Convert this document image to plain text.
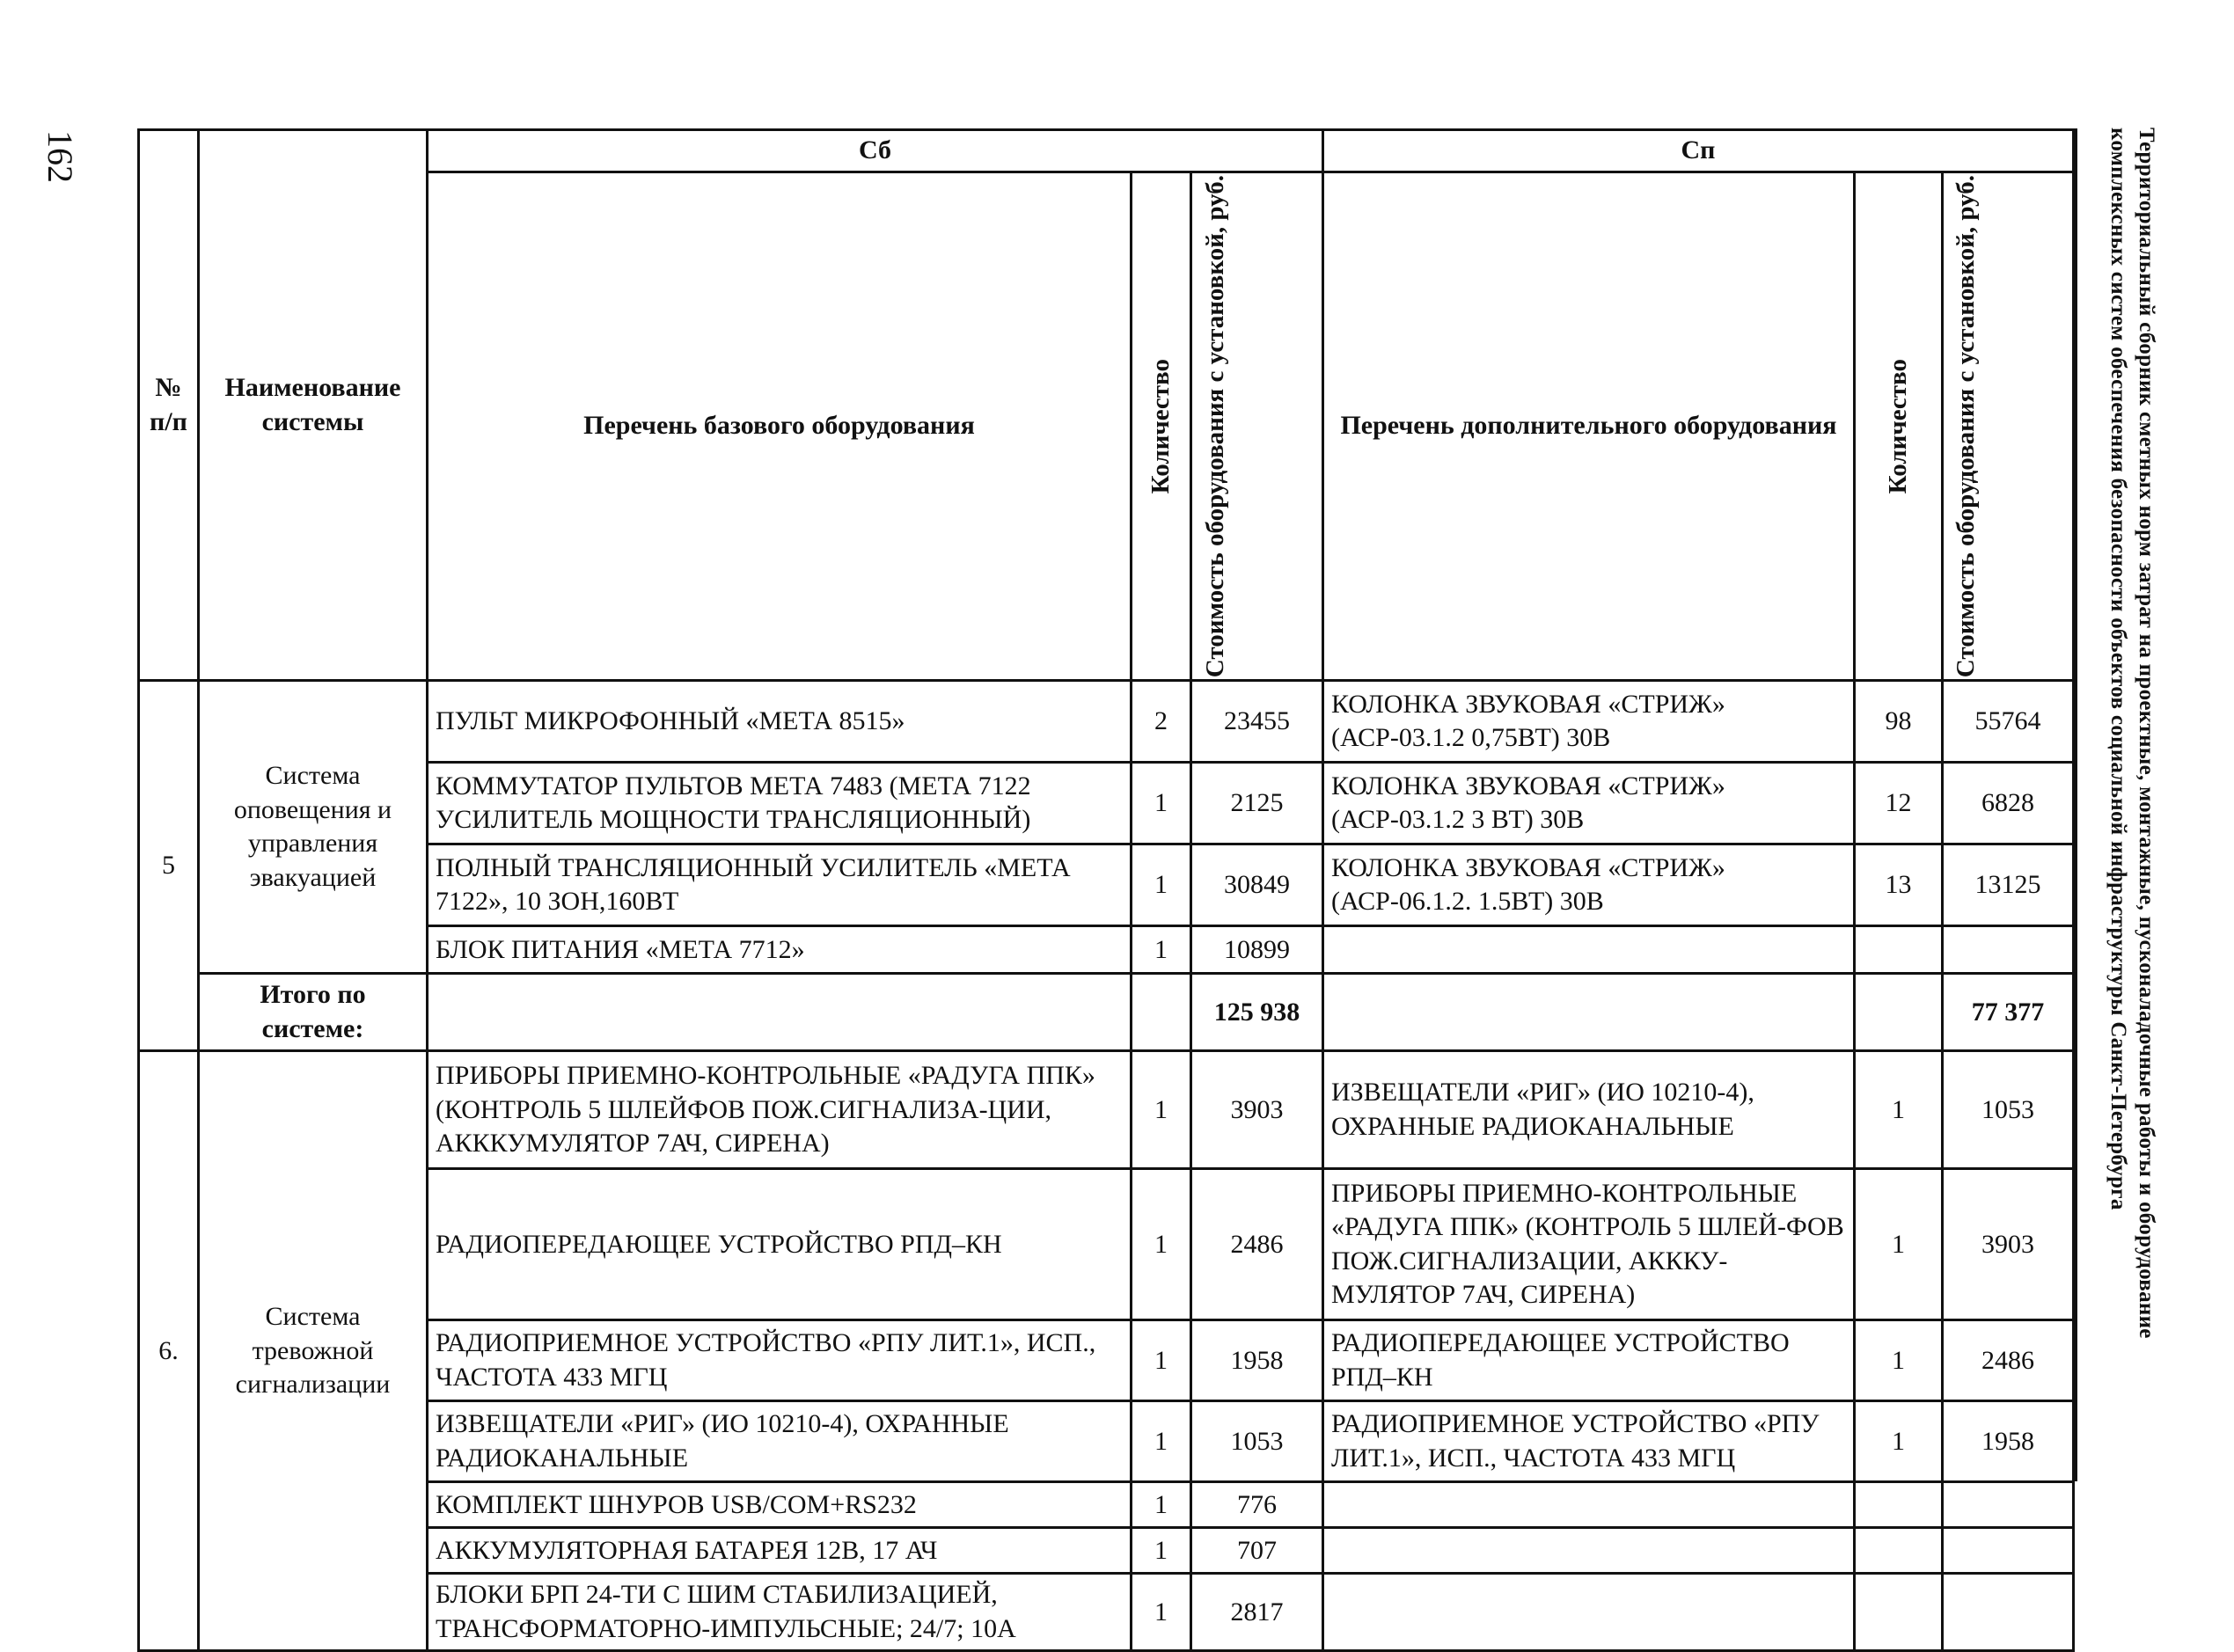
162	Территориальный сборник сметных норм затрат на проектные, монтажные, пусконаладочные работы и оборудование
комплексных систем обеспечения безопасности объектов социальной инфраструктуры Санкт-Петербурга
№ п/п	Наименование системы	Сб			Сп		
		Перечень базового оборудования	Количество	Стоимость оборудования с установкой, руб.	Перечень дополнительного оборудования	Количество	Стоимость оборудования с установкой, руб.

5	Система оповещения и управления эвакуацией	ПУЛЬТ МИКРОФОННЫЙ «МЕТА 8515»	2	23455	КОЛОНКА ЗВУКОВАЯ «СТРИЖ» (АСР-03.1.2 0,75ВТ) 30В	98	55764
		КОММУТАТОР ПУЛЬТОВ МЕТА 7483 (МЕТА 7122 УСИЛИТЕЛЬ МОЩНОСТИ ТРАНСЛЯЦИОННЫЙ)	1	2125	КОЛОНКА ЗВУКОВАЯ «СТРИЖ» (АСР-03.1.2 3 ВТ) 30В	12	6828
		ПОЛНЫЙ ТРАНСЛЯЦИОННЫЙ УСИЛИТЕЛЬ «МЕТА 7122», 10 ЗОН,160ВТ	1	30849	КОЛОНКА ЗВУКОВАЯ «СТРИЖ» (АСР-06.1.2. 1.5ВТ) 30В	13	13125
		БЛОК ПИТАНИЯ «МЕТА 7712»	1	10899			
	Итого по системе:			125 938			77 377
6.	Система тревожной сигнализации	ПРИБОРЫ ПРИЕМНО-КОНТРОЛЬНЫЕ «РАДУГА ППК» (КОНТРОЛЬ 5 ШЛЕЙФОВ ПОЖ.СИГНАЛИЗА-ЦИИ, АКККУМУЛЯТОР 7АЧ, СИРЕНА)	1	3903	ИЗВЕЩАТЕЛИ «РИГ» (ИО 10210-4), ОХРАННЫЕ РАДИОКАНАЛЬНЫЕ	1	1053
		РАДИОПЕРЕДАЮЩЕЕ УСТРОЙСТВО РПД–КН	1	2486	ПРИБОРЫ ПРИЕМНО-КОНТРОЛЬНЫЕ «РАДУГА ППК» (КОНТРОЛЬ 5 ШЛЕЙ-ФОВ ПОЖ.СИГНАЛИЗАЦИИ, АКККУ-МУЛЯТОР 7АЧ, СИРЕНА)	1	3903
		РАДИОПРИЕМНОЕ УСТРОЙСТВО «РПУ ЛИТ.1», ИСП., ЧАСТОТА 433 МГЦ	1	1958	РАДИОПЕРЕДАЮЩЕЕ УСТРОЙСТВО РПД–КН	1	2486
		ИЗВЕЩАТЕЛИ «РИГ» (ИО 10210-4), ОХРАННЫЕ РАДИОКАНАЛЬНЫЕ	1	1053	РАДИОПРИЕМНОЕ УСТРОЙСТВО «РПУ ЛИТ.1», ИСП., ЧАСТОТА 433 МГЦ	1	1958
		КОМПЛЕКТ ШНУРОВ USB/COM+RS232	1	776			
		АККУМУЛЯТОРНАЯ БАТАРЕЯ 12В, 17 АЧ	1	707			
		БЛОКИ БРП 24-ТИ С ШИМ СТАБИЛИЗАЦИЕЙ, ТРАНСФОРМАТОРНО-ИМПУЛЬСНЫЕ; 24/7; 10А	1	2817			
